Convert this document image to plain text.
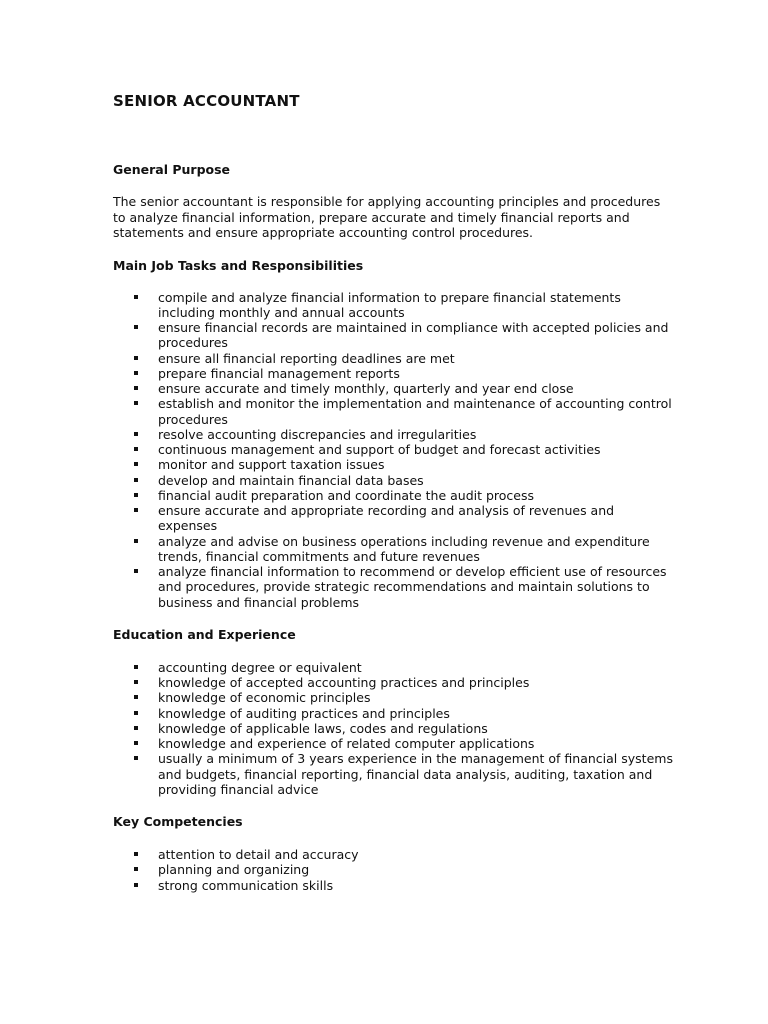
SENIOR ACCOUNTANT
General Purpose

The senior accountant is responsible for applying accounting principles and procedures to analyze financial information, prepare accurate and timely financial reports and statements and ensure appropriate accounting control procedures.

Main Job Tasks and Responsibilities
compile and analyze financial information to prepare financial statements including monthly and annual accounts
ensure financial records are maintained in compliance with accepted policies and procedures
ensure all financial reporting deadlines are met
prepare financial management reports
ensure accurate and timely monthly, quarterly and year end close
establish and monitor the implementation and maintenance of accounting control procedures
resolve accounting discrepancies and irregularities
continuous management and support of budget and forecast activities
monitor and support taxation issues
develop and maintain financial data bases
financial audit preparation and coordinate the audit process
ensure accurate and appropriate recording and analysis of revenues and expenses
analyze and advise on business operations including revenue and expenditure trends, financial commitments and future revenues
analyze financial information to recommend or develop efficient use of resources and procedures, provide strategic recommendations and maintain solutions to business and financial problems
Education and Experience
accounting degree or equivalent
knowledge of accepted accounting practices and principles
knowledge of economic principles
knowledge of auditing practices and principles
knowledge of applicable laws, codes and regulations
knowledge and experience of related computer applications
usually a minimum of 3 years experience in the management of financial systems and budgets, financial reporting, financial data analysis, auditing, taxation and providing financial advice
Key Competencies
attention to detail and accuracy
planning and organizing
strong communication skills
